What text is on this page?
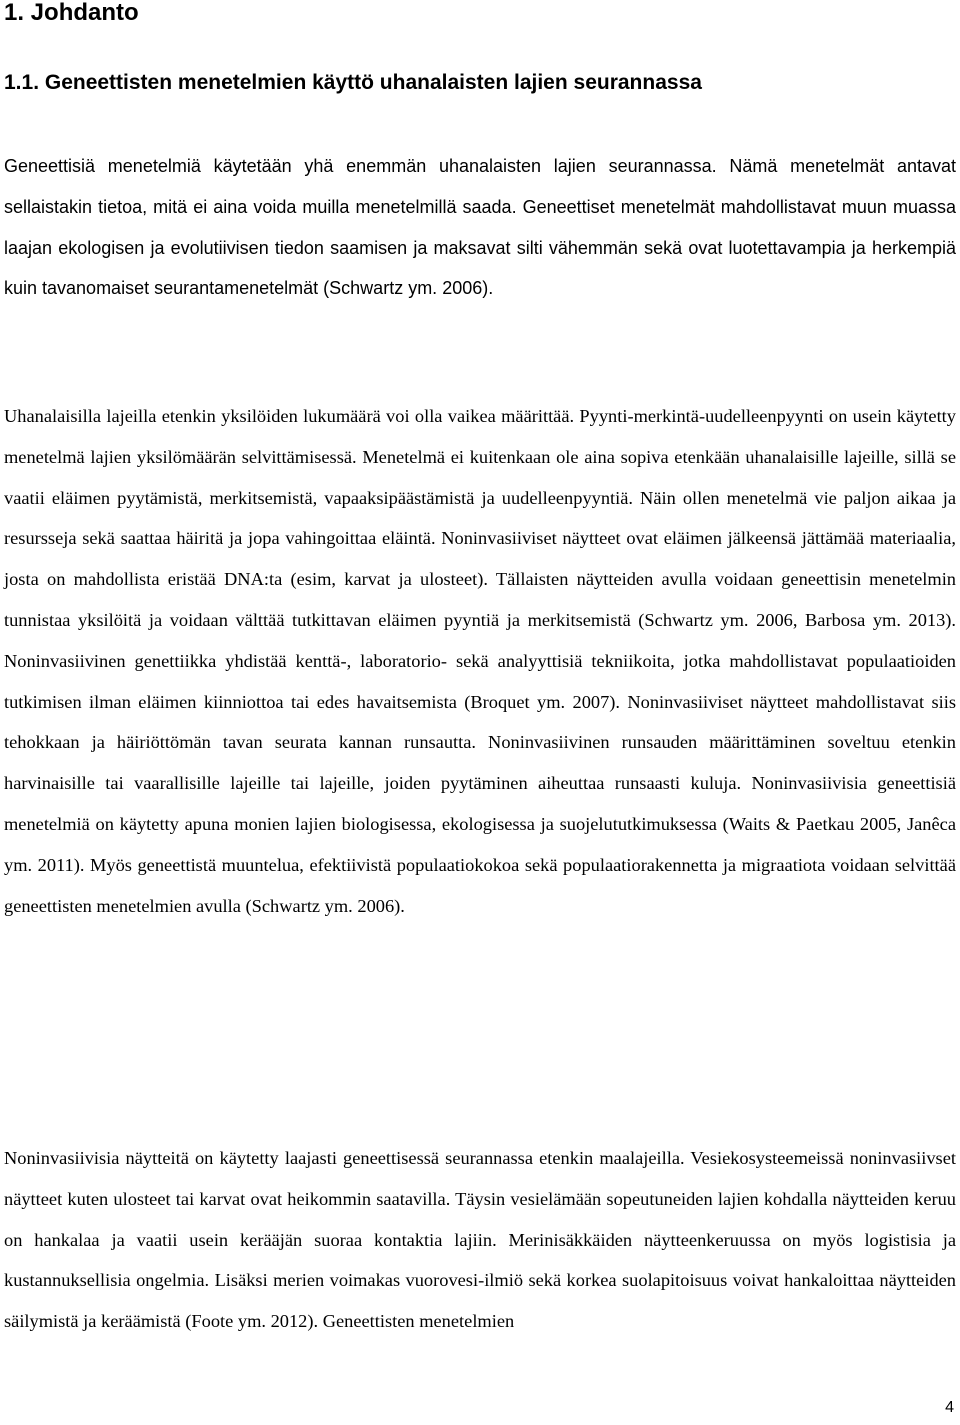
1. Johdanto
1.1. Geneettisten menetelmien käyttö uhanalaisten lajien seurannassa

Geneettisiä menetelmiä käytetään yhä enemmän uhanalaisten lajien seurannassa. Nämä menetelmät antavat sellaistakin tietoa, mitä ei aina voida muilla menetelmillä saada. Geneettiset menetelmät mahdollistavat muun muassa laajan ekologisen ja evolutiivisen tiedon saamisen ja maksavat silti vähemmän sekä ovat luotettavampia ja herkempiä kuin tavanomaiset seurantamenetelmät (Schwartz ym. 2006).

Uhanalaisilla lajeilla etenkin yksilöiden lukumäärä voi olla vaikea määrittää. Pyynti-merkintä-uudelleenpyynti on usein käytetty menetelmä lajien yksilömäärän selvittämisessä. Menetelmä ei kuitenkaan ole aina sopiva etenkään uhanalaisille lajeille, sillä se vaatii eläimen pyytämistä, merkitsemistä, vapaaksipäästämistä ja uudelleenpyyntiä. Näin ollen menetelmä vie paljon aikaa ja resursseja sekä saattaa häiritä ja jopa vahingoittaa eläintä. Noninvasiiviset näytteet ovat eläimen jälkeensä jättämää materiaalia, josta on mahdollista eristää DNA:ta (esim, karvat ja ulosteet). Tällaisten näytteiden avulla voidaan geneettisin menetelmin tunnistaa yksilöitä ja voidaan välttää tutkittavan eläimen pyyntiä ja merkitsemistä (Schwartz ym. 2006, Barbosa ym. 2013). Noninvasiivinen genettiikka yhdistää kenttä-, laboratorio- sekä analyyttisiä tekniikoita, jotka mahdollistavat populaatioiden tutkimisen ilman eläimen kiinniottoa tai edes havaitsemista (Broquet ym. 2007). Noninvasiiviset näytteet mahdollistavat siis tehokkaan ja häiriöttömän tavan seurata kannan runsautta. Noninvasiivinen runsauden määrittäminen soveltuu etenkin harvinaisille tai vaarallisille lajeille tai lajeille, joiden pyytäminen aiheuttaa runsaasti kuluja. Noninvasiivisia geneettisiä menetelmiä on käytetty apuna monien lajien biologisessa, ekologisessa ja suojelututkimuksessa (Waits & Paetkau 2005, Janêca ym. 2011). Myös geneettistä muuntelua, efektiivistä populaatiokokoa sekä populaatiorakennetta ja migraatiota voidaan selvittää geneettisten menetelmien avulla (Schwartz ym. 2006).

Noninvasiivisia näytteitä on käytetty laajasti geneettisessä seurannassa etenkin maalajeilla. Vesiekosysteemeissä noninvasiivset näytteet kuten ulosteet tai karvat ovat heikommin saatavilla. Täysin vesielämään sopeutuneiden lajien kohdalla näytteiden keruu on hankalaa ja vaatii usein kerääjän suoraa kontaktia lajiin. Merinisäkkäiden näytteenkeruussa on myös logistisia ja kustannuksellisia ongelmia. Lisäksi merien voimakas vuorovesi-ilmiö sekä korkea suolapitoisuus voivat hankaloittaa näytteiden säilymistä ja keräämistä (Foote ym. 2012). Geneettisten menetelmien

4
